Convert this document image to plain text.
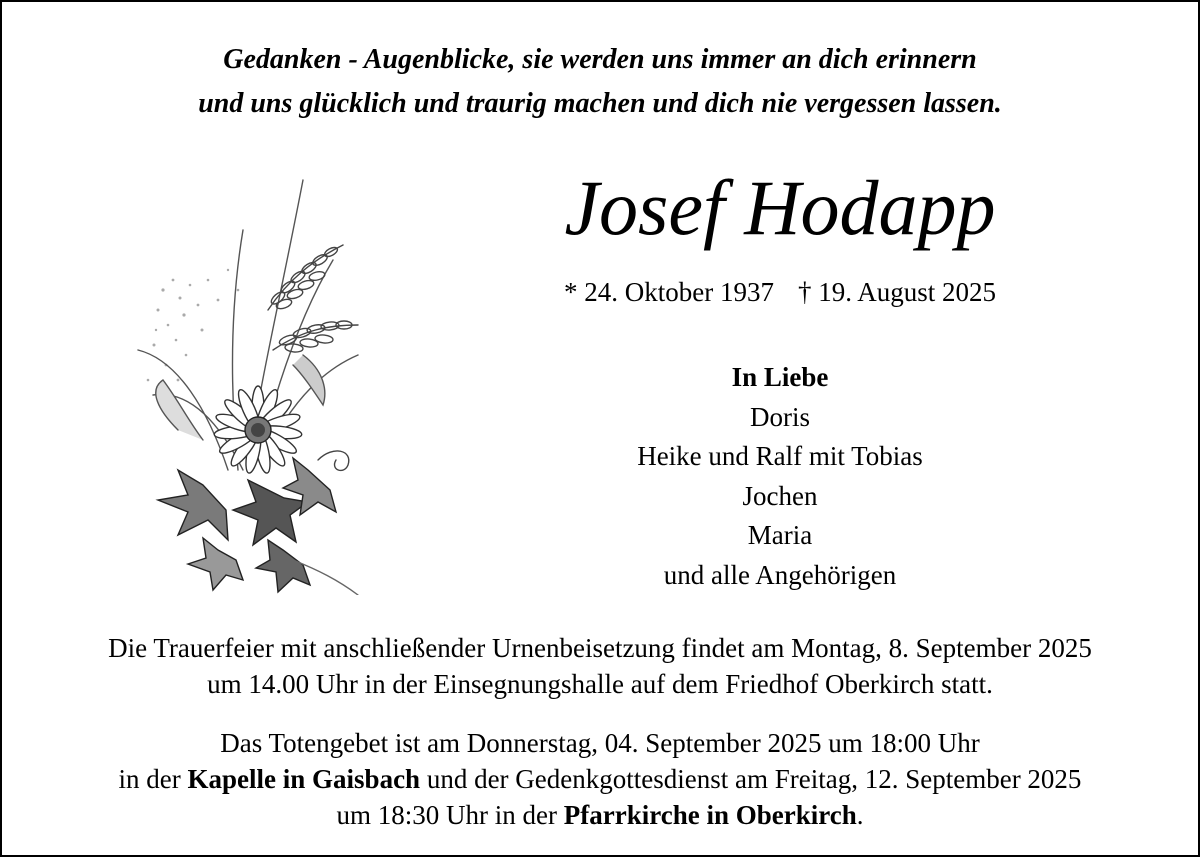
Gedanken - Augenblicke, sie werden uns immer an dich erinnern
und uns glücklich und traurig machen und dich nie vergessen lassen.
Josef Hodapp
* 24. Oktober 1937 † 19. August 2025
In Liebe
Doris
Heike und Ralf mit Tobias
Jochen
Maria
und alle Angehörigen
Die Trauerfeier mit anschließender Urnenbeisetzung findet am Montag, 8. September 2025
um 14.00 Uhr in der Einsegnungshalle auf dem Friedhof Oberkirch statt.
Das Totengebet ist am Donnerstag, 04. September 2025 um 18:00 Uhr
in der Kapelle in Gaisbach und der Gedenkgottesdienst am Freitag, 12. September 2025
um 18:30 Uhr in der Pfarrkirche in Oberkirch.
